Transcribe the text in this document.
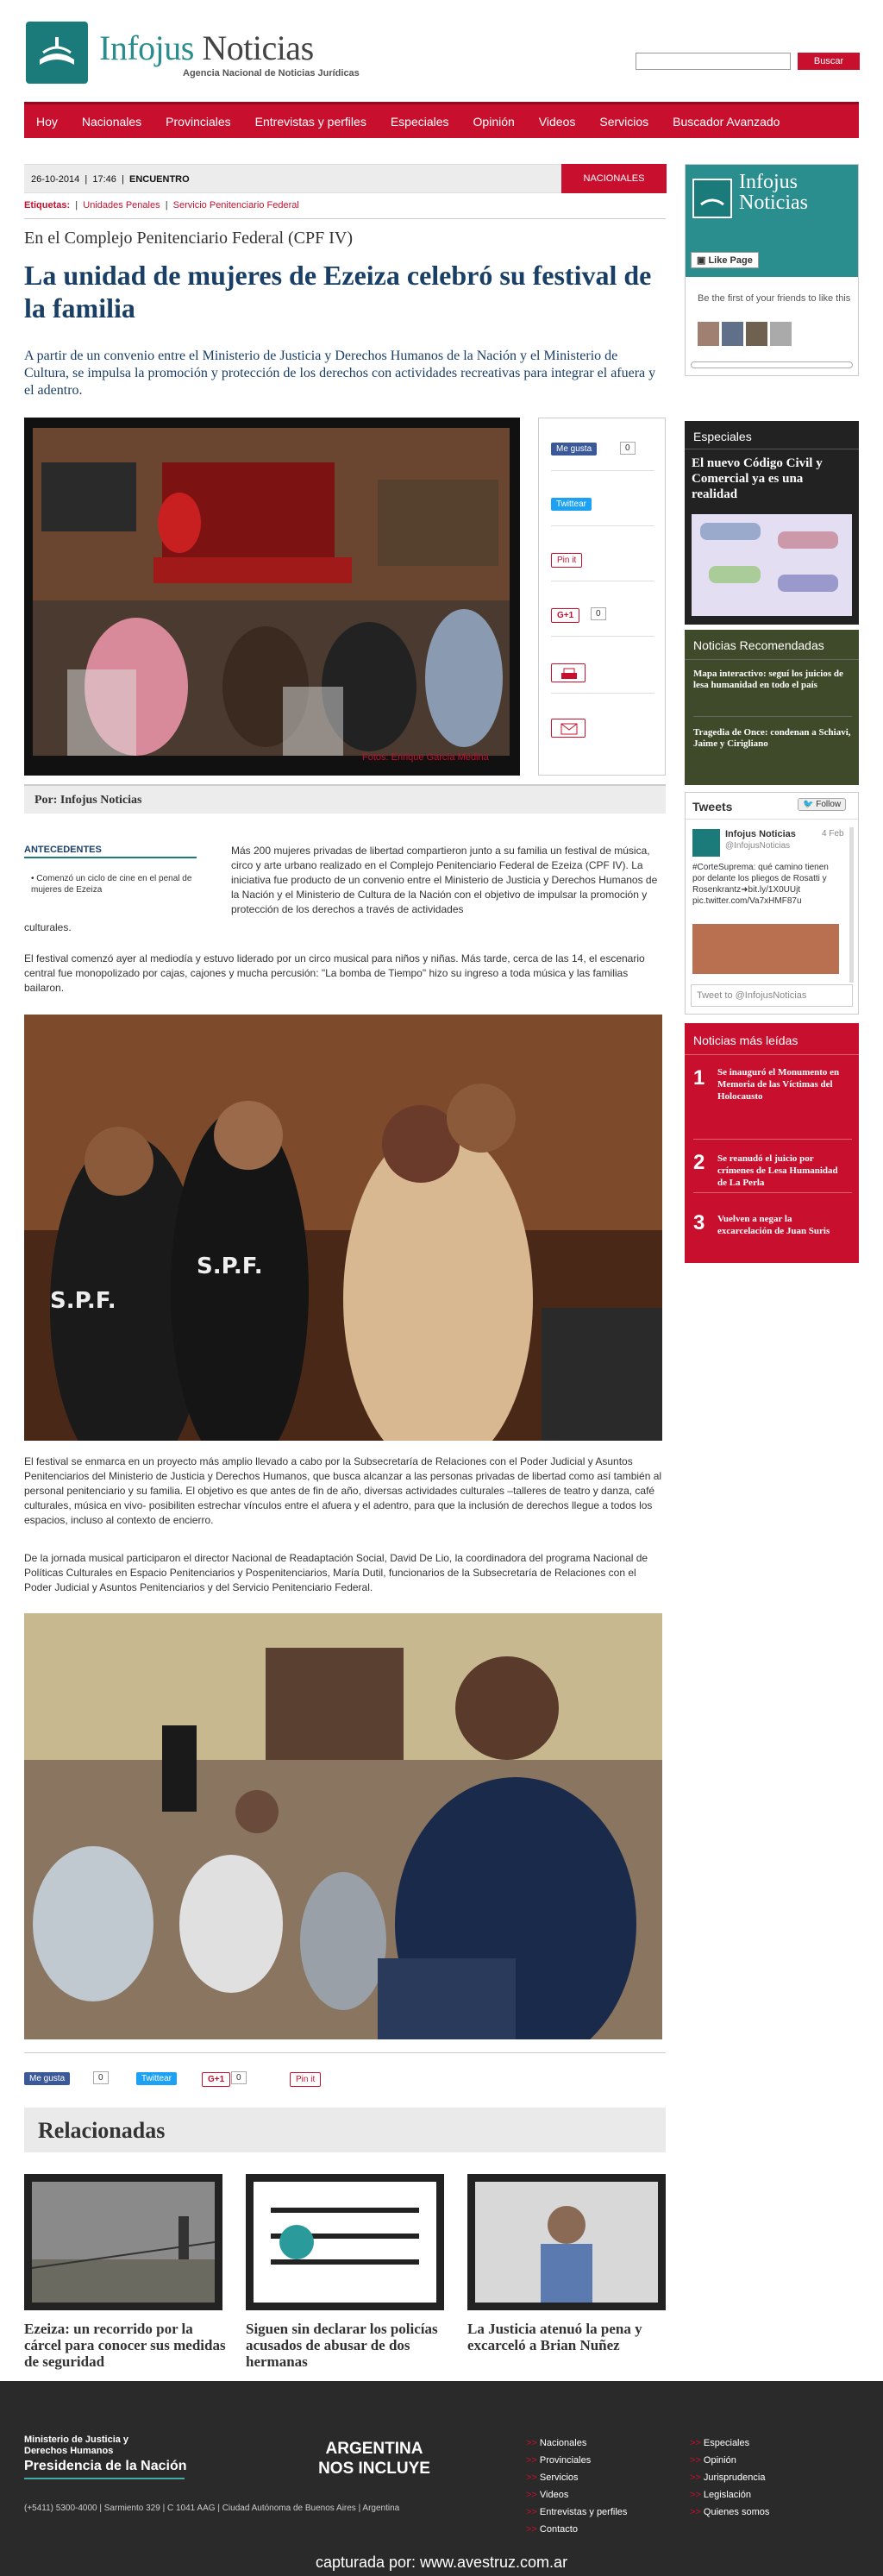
Infojus Noticias
Agencia Nacional de Noticias Jurídicas
Buscar
Hoy	Nacionales	Provinciales	Entrevistas y perfiles	Especiales	Opinión	Videos	Servicios	Buscador Avanzado
26-10-2014  |  17:46  |  ENCUENTRO	NACIONALES
Etiquetas:  |  Unidades Penales  |  Servicio Penitenciario Federal
En el Complejo Penitenciario Federal (CPF IV)
La unidad de mujeres de Ezeiza celebró su festival de la familia

A partir de un convenio entre el Ministerio de Justicia y Derechos Humanos de la Nación y el Ministerio de Cultura, se impulsa la promoción y protección de los derechos con actividades recreativas para integrar el afuera y el adentro.

Fotos: Enrique García Medina
Me gusta	0
Twittear
Pin it
G+1	0
Por: Infojus Noticias
ANTECEDENTES
• Comenzó un ciclo de cine en el penal de mujeres de Ezeiza

Más 200 mujeres privadas de libertad compartieron junto a su familia un festival de música, circo y arte urbano realizado en el Complejo Penitenciario Federal de Ezeiza (CPF IV). La iniciativa fue producto de un convenio entre el Ministerio de Justicia y Derechos Humanos de la Nación y el Ministerio de Cultura de la Nación con el objetivo de impulsar la promoción y protección de los derechos a través de actividades

culturales.

El festival comenzó ayer al mediodía y estuvo liderado por un circo musical para niños y niñas. Más tarde, cerca de las 14, el escenario central fue monopolizado por cajas, cajones y mucha percusión: "La bomba de Tiempo" hizo su ingreso a toda música y las familias bailaron.

S.P.F.
S.P.F.

El festival se enmarca en un proyecto más amplio llevado a cabo por la Subsecretaría de Relaciones con el Poder Judicial y Asuntos Penitenciarios del Ministerio de Justicia y Derechos Humanos, que busca alcanzar a las personas privadas de libertad como así también al personal penitenciario y su familia. El objetivo es que antes de fin de año, diversas actividades culturales –talleres de teatro y danza, café culturales, música en vivo- posibiliten estrechar vínculos entre el afuera y el adentro, para que la inclusión de derechos llegue a todos los espacios, incluso al contexto de encierro.

De la jornada musical participaron el director Nacional de Readaptación Social, David De Lio, la coordinadora del programa Nacional de Políticas Culturales en Espacio Penitenciarios y Pospenitenciarios, María Dutil, funcionarios de la Subsecretaría de Relaciones con el Poder Judicial y Asuntos Penitenciarios y del Servicio Penitenciario Federal.

Me gusta	0	Twittear	G+1	0	Pin it
Relacionadas
Ezeiza: un recorrido por la cárcel para conocer sus medidas de seguridad
Siguen sin declarar los policías acusados de abusar de dos hermanas
La Justicia atenuó la pena y excarceló a Brian Nuñez
Infojus Noticias
▣ Like Page
Be the first of your friends to like this
Especiales
El nuevo Código Civil y Comercial ya es una realidad
Noticias Recomendadas
Mapa interactivo: seguí los juicios de lesa humanidad en todo el país
Tragedia de Once: condenan a Schiavi, Jaime y Cirigliano
Tweets	🐦 Follow
Infojus Noticias	4 Feb
@InfojusNoticias
#CorteSuprema: qué camino tienen por delante los pliegos de Rosatti y Rosenkrantz➜bit.ly/1X0UUjt pic.twitter.com/Va7xHMF87u
Tweet to @InfojusNoticias
Noticias más leídas
1 Se inauguró el Monumento en Memoria de las Víctimas del Holocausto
2 Se reanudó el juicio por crímenes de Lesa Humanidad de La Perla
3 Vuelven a negar la excarcelación de Juan Suris
Ministerio de Justicia y Derechos Humanos
Presidencia de la Nación
ARGENTINA NOS INCLUYE
(+5411) 5300-4000 | Sarmiento 329 | C 1041 AAG | Ciudad Autónoma de Buenos Aires | Argentina
>> Nacionales
>> Provinciales
>> Servicios
>> Videos
>> Entrevistas y perfiles
>> Contacto
>> Especiales
>> Opinión
>> Jurisprudencia
>> Legislación
>> Quienes somos
capturada por: www.avestruz.com.ar
